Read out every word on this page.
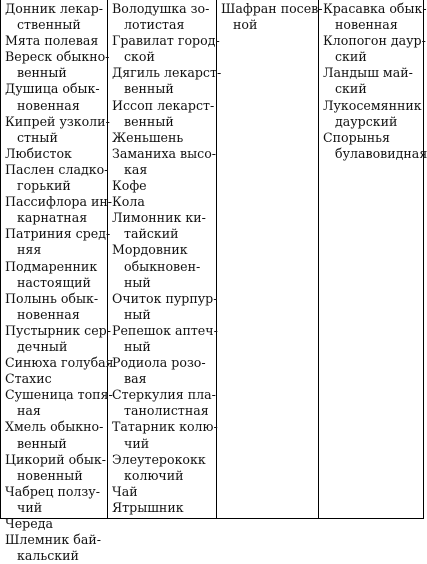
Донник лекар-
ственный
Мята полевая
Вереск обыкно-
венный
Душица обык-
новенная
Кипрей узколи-
стный
Любисток
Паслен сладко-
горький
Пассифлора ин-
карнатная
Патриния сред-
няя
Подмаренник
настоящий
Полынь обык-
новенная
Пустырник сер-
дечный
Синюха голубая
Стахис
Сушеница топя-
ная
Хмель обыкно-
венный
Цикорий обык-
новенный
Чабрец ползу-
чий
Череда
Шлемник бай-
кальский
Володушка зо-
лотистая
Гравилат город-
ской
Дягиль лекарст-
венный
Иссоп лекарст-
венный
Женьшень
Заманиха высо-
кая
Кофе
Кола
Лимонник ки-
тайский
Мордовник
обыкновен-
ный
Очиток пурпур-
ный
Репешок аптеч-
ный
Родиола розо-
вая
Стеркулия пла-
танолистная
Татарник колю-
чий
Элеутерококк
колючий
Чай
Ятрышник
Шафран посев-
ной
Красавка обык-
новенная
Клопогон даур-
ский
Ландыш май-
ский
Лукосемянник
даурский
Спорынья
булавовидная
